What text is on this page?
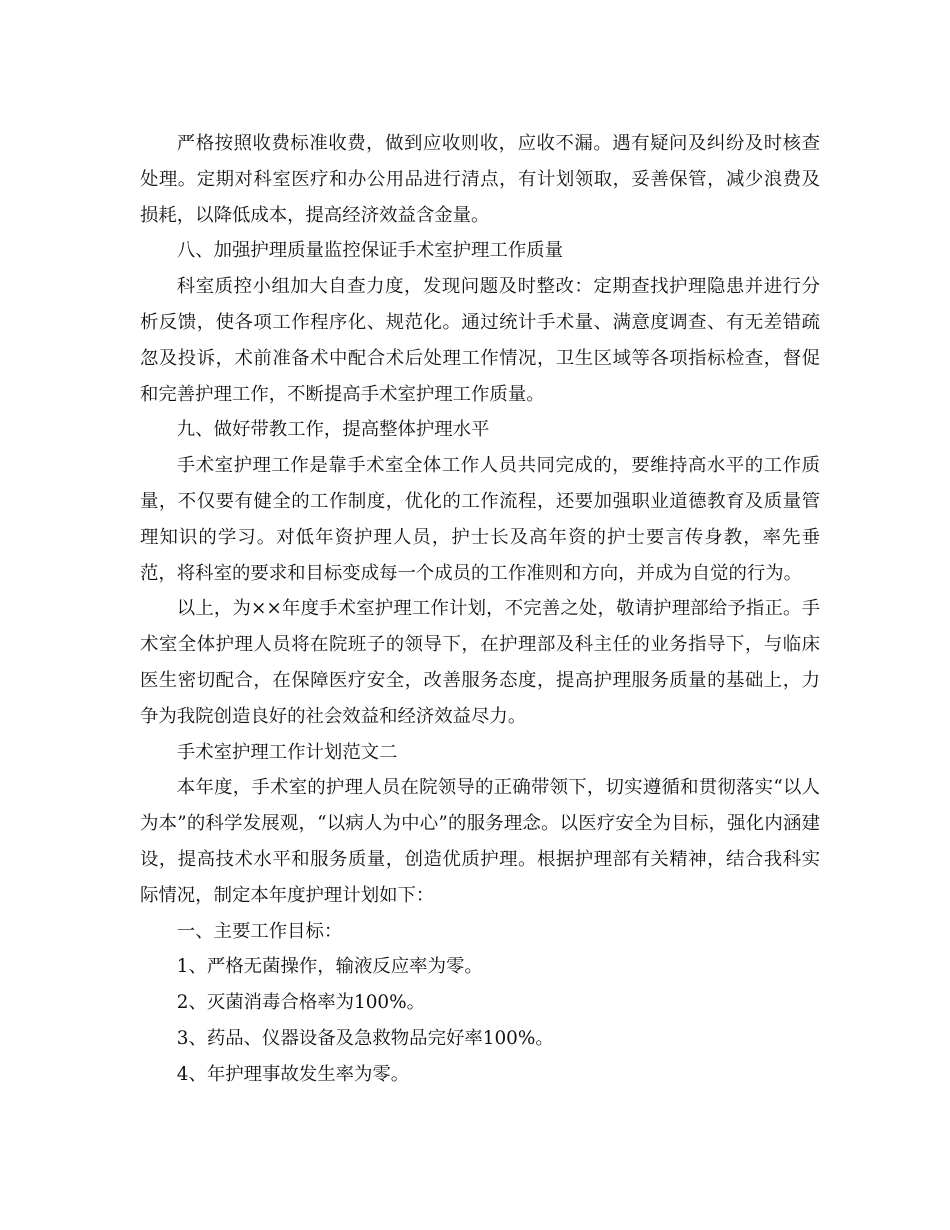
严格按照收费标准收费，做到应收则收，应收不漏。遇有疑问及纠纷及时核查处理。定期对科室医疗和办公用品进行清点，有计划领取，妥善保管，减少浪费及损耗，以降低成本，提高经济效益含金量。

八、加强护理质量监控保证手术室护理工作质量

科室质控小组加大自查力度，发现问题及时整改：定期查找护理隐患并进行分析反馈，使各项工作程序化、规范化。通过统计手术量、满意度调查、有无差错疏忽及投诉，术前准备术中配合术后处理工作情况，卫生区域等各项指标检查，督促和完善护理工作，不断提高手术室护理工作质量。

九、做好带教工作，提高整体护理水平

手术室护理工作是靠手术室全体工作人员共同完成的，要维持高水平的工作质量，不仅要有健全的工作制度，优化的工作流程，还要加强职业道德教育及质量管理知识的学习。对低年资护理人员，护士长及高年资的护士要言传身教，率先垂范，将科室的要求和目标变成每一个成员的工作准则和方向，并成为自觉的行为。

以上，为××年度手术室护理工作计划，不完善之处，敬请护理部给予指正。手术室全体护理人员将在院班子的领导下，在护理部及科主任的业务指导下，与临床医生密切配合，在保障医疗安全，改善服务态度，提高护理服务质量的基础上，力争为我院创造良好的社会效益和经济效益尽力。

手术室护理工作计划范文二

本年度，手术室的护理人员在院领导的正确带领下，切实遵循和贯彻落实“以人为本”的科学发展观，“以病人为中心”的服务理念。以医疗安全为目标，强化内涵建设，提高技术水平和服务质量，创造优质护理。根据护理部有关精神，结合我科实际情况，制定本年度护理计划如下：

一、主要工作目标：

1、严格无菌操作，输液反应率为零。

2、灭菌消毒合格率为100%。

3、药品、仪器设备及急救物品完好率100%。

4、年护理事故发生率为零。
